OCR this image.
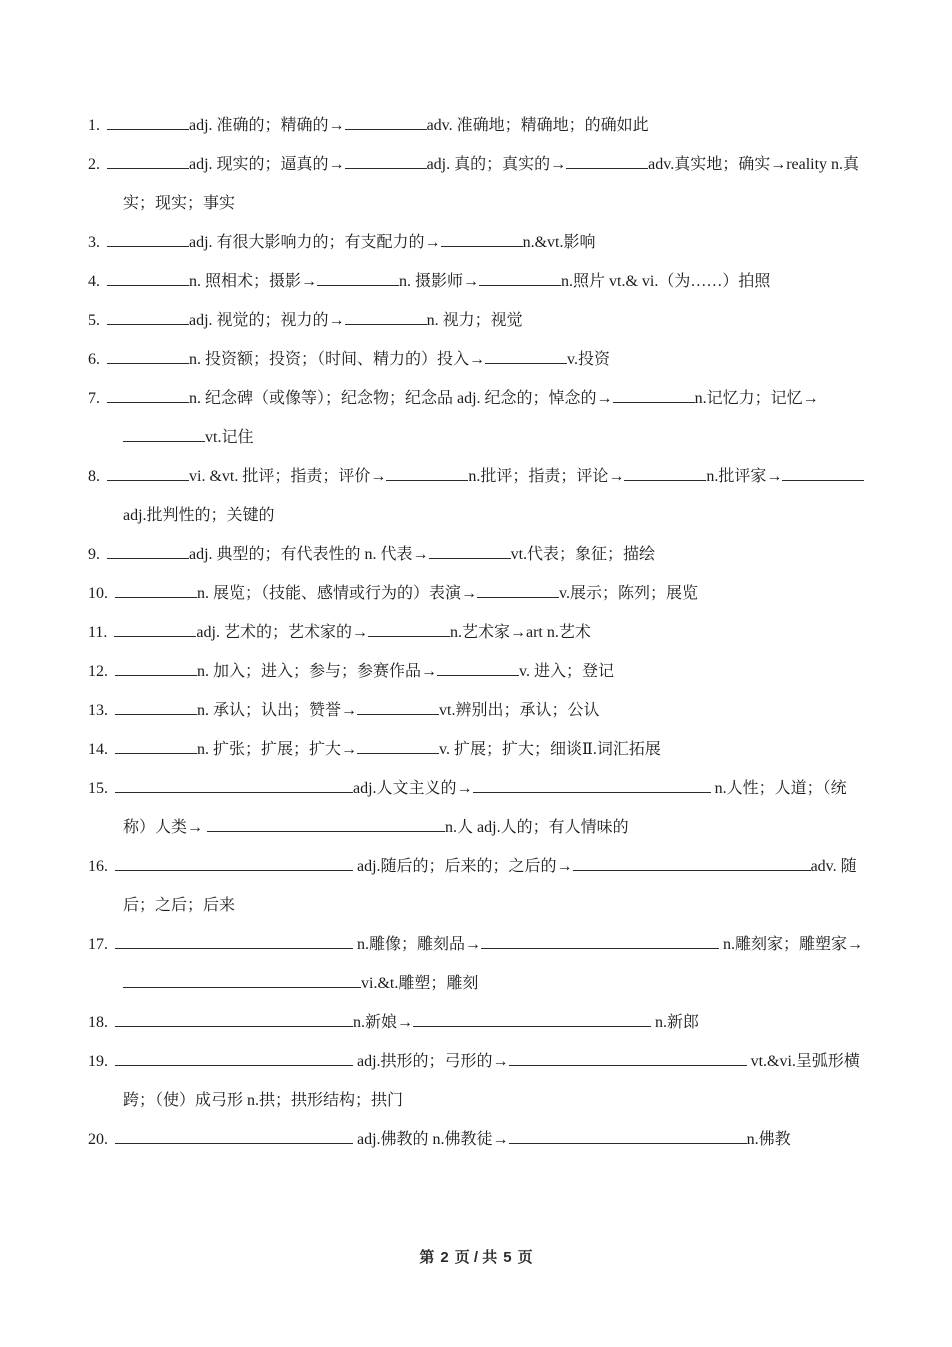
1.	adj. 准确的；精确的→	adv. 准确地；精确地；的确如此
2.	adj. 现实的；逼真的→	adj. 真的；真实的→	adv.真实地；确实→reality n.真实；现实；事实
3.	adj. 有很大影响力的；有支配力的→	n.&vt.影响
4.	n. 照相术；摄影→	n. 摄影师→	n.照片 vt.& vi.（为……）拍照
5.	adj. 视觉的；视力的→	n. 视力；视觉
6.	n. 投资额；投资；（时间、精力的）投入→	v.投资
7.	n. 纪念碑（或像等）；纪念物；纪念品 adj. 纪念的；悼念的→	n.记忆力；记忆→vt.记住
8.	vi. &vt. 批评；指责；评价→	n.批评；指责；评论→	n.批评家→adj.批判性的；关键的
9.	adj. 典型的；有代表性的 n. 代表→	vt.代表；象征；描绘
10.	n. 展览；（技能、感情或行为的）表演→	v.展示；陈列；展览
11.	adj. 艺术的；艺术家的→	n.艺术家→art n.艺术
12.	n. 加入；进入；参与；参赛作品→	v. 进入；登记
13.	n. 承认；认出；赞誉→	vt.辨别出；承认；公认
14.	n. 扩张；扩展；扩大→	v. 扩展；扩大；细谈Ⅱ.词汇拓展
15.	adj.人文主义的→	n.人性；人道；（统称）人类→	n.人 adj.人的；有人情味的
16.	adj.随后的；后来的；之后的→	adv. 随后；之后；后来
17.	n.雕像；雕刻品→	n.雕刻家；雕塑家→ vi.&t.雕塑；雕刻
18.	n.新娘→	n.新郎
19.	adj.拱形的；弓形的→	vt.&vi.呈弧形横跨；（使）成弓形 n.拱；拱形结构；拱门
20.	adj.佛教的 n.佛教徒→	n.佛教
第 2 页 / 共 5 页
